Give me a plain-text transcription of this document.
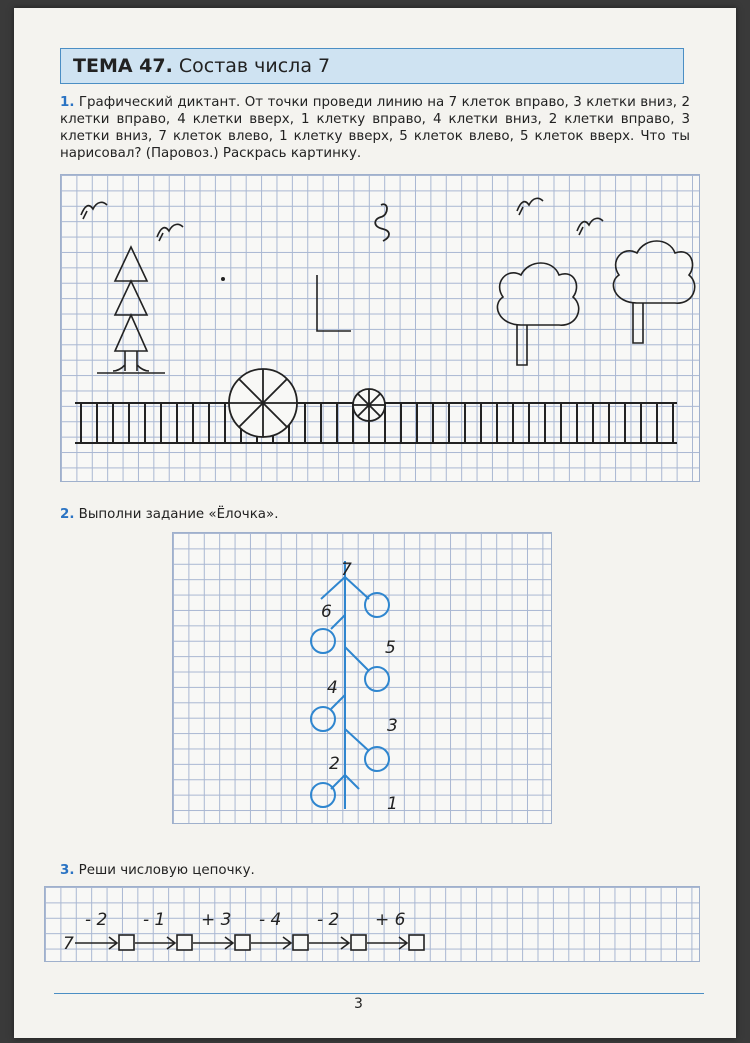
ТЕМА 47. Состав числа 7
1. Графический диктант. От точки проведи линию на 7 клеток вправо, 3 клетки вниз, 2 клетки вправо, 4 клетки вверх, 1 клетку вправо, 4 клетки вниз, 2 клетки вправо, 3 клетки вниз, 7 клеток влево, 1 клетку вверх, 5 клеток влево, 5 клеток вверх. Что ты нарисовал? (Паровоз.) Раскрась картинку.
2. Выполни задание «Ёлочка».
7
6
5
4
3
2
1
3. Реши числовую цепочку.
7
- 2 - 1 + 3 - 4 - 2 + 6
3
